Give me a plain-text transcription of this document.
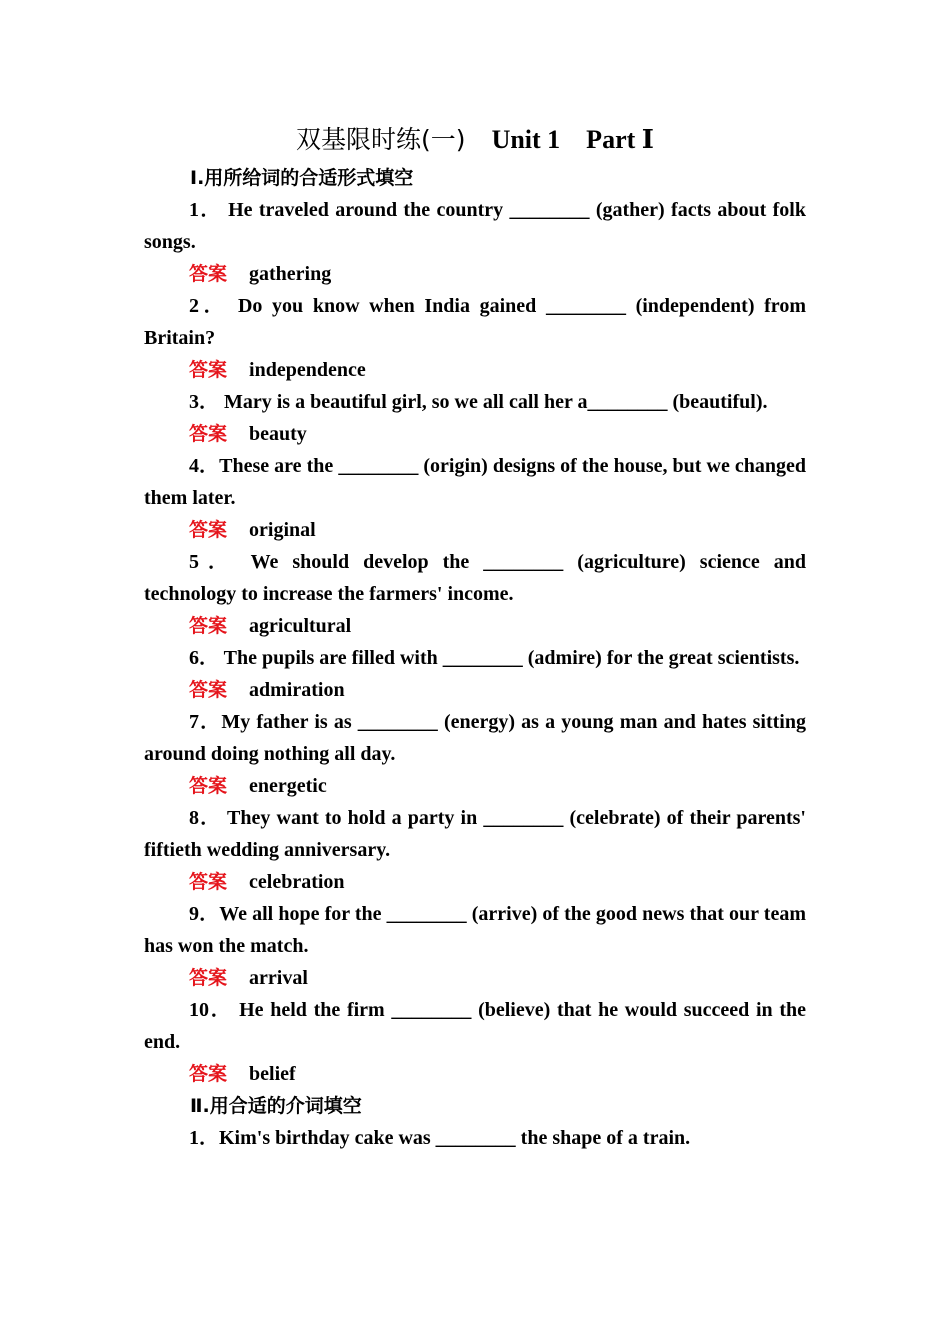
双基限时练(一) Unit 1    Part Ⅰ
Ⅰ.用所给词的合适形式填空
1． He traveled around the country ________ (gather) facts about folk songs.
答案 gathering
2． Do you know when India gained ________ (independent) from Britain?
答案 independence
3． Mary is a beautiful girl, so we all call her a________ (beautiful).
答案 beauty
4．These are the ________ (origin) designs of the house, but we changed them later.
答案 original
5． We should develop the ________ (agriculture) science and technology to increase the farmers' income.
答案 agricultural
6． The pupils are filled with ________ (admire) for the great scientists.
答案 admiration
7．My father is as ________ (energy) as a young man and hates sitting around doing nothing all day.
答案 energetic
8． They want to hold a party in ________ (celebrate) of their parents' fiftieth wedding anniversary.
答案 celebration
9．We all hope for the ________ (arrive) of the good news that our team has won the match.
答案 arrival
10． He held the firm ________ (believe) that he would succeed in the end.
答案 belief
Ⅱ.用合适的介词填空
1．Kim's birthday cake was ________ the shape of a train.
